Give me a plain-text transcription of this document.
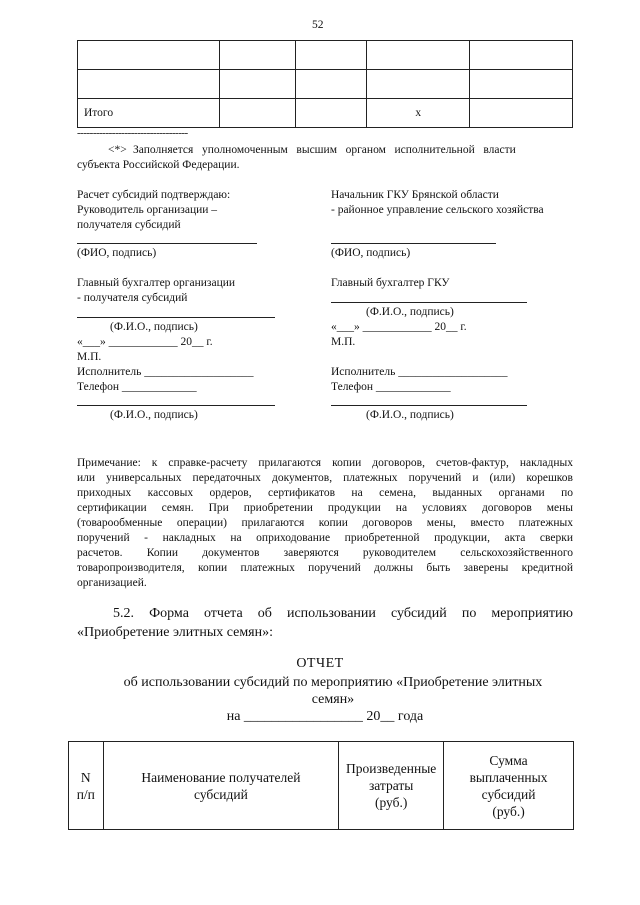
52

Итого			х	
-----------------------------------
<*> Заполняется   уполномоченным   высшим   органом   исполнительной   власти
субъекта Российской Федерации.
Расчет субсидий подтверждаю:
Руководитель организации –
получателя субсидий
(ФИО, подпись)
Главный бухгалтер организации
- получателя субсидий
(Ф.И.О., подпись)
«___» ____________ 20__ г.
М.П.
Исполнитель ___________________
Телефон _____________
(Ф.И.О., подпись)
Начальник ГКУ Брянской области
- районное управление сельского хозяйства
(ФИО, подпись)
Главный бухгалтер ГКУ
(Ф.И.О., подпись)
«___» ____________ 20__ г.
М.П.
Исполнитель ___________________
Телефон _____________
(Ф.И.О., подпись)
Примечание: к справке-расчету прилагаются копии договоров, счетов-фактур, накладных
или универсальных передаточных документов, платежных поручений и (или) корешков
приходных кассовых ордеров, сертификатов на семена, выданных органами по
сертификации семян. При приобретении продукции на условиях договоров мены
(товарообменные операции) прилагаются копии договоров мены, вместо платежных
поручений - накладных на оприходование приобретенной продукции, акта сверки
расчетов. Копии документов заверяются руководителем сельскохозяйственного
товаропроизводителя, копии платежных поручений должны быть заверены кредитной
организацией.
5.2. Форма отчета об использовании субсидий по мероприятию
«Приобретение элитных семян»:
ОТЧЕТ
об использовании субсидий по мероприятию «Приобретение элитных
семян»
на _________________ 20__ года
N
п/п

Наименование получателей
субсидий

Произведенные
затраты
(руб.)

Сумма
выплаченных
субсидий
(руб.)
